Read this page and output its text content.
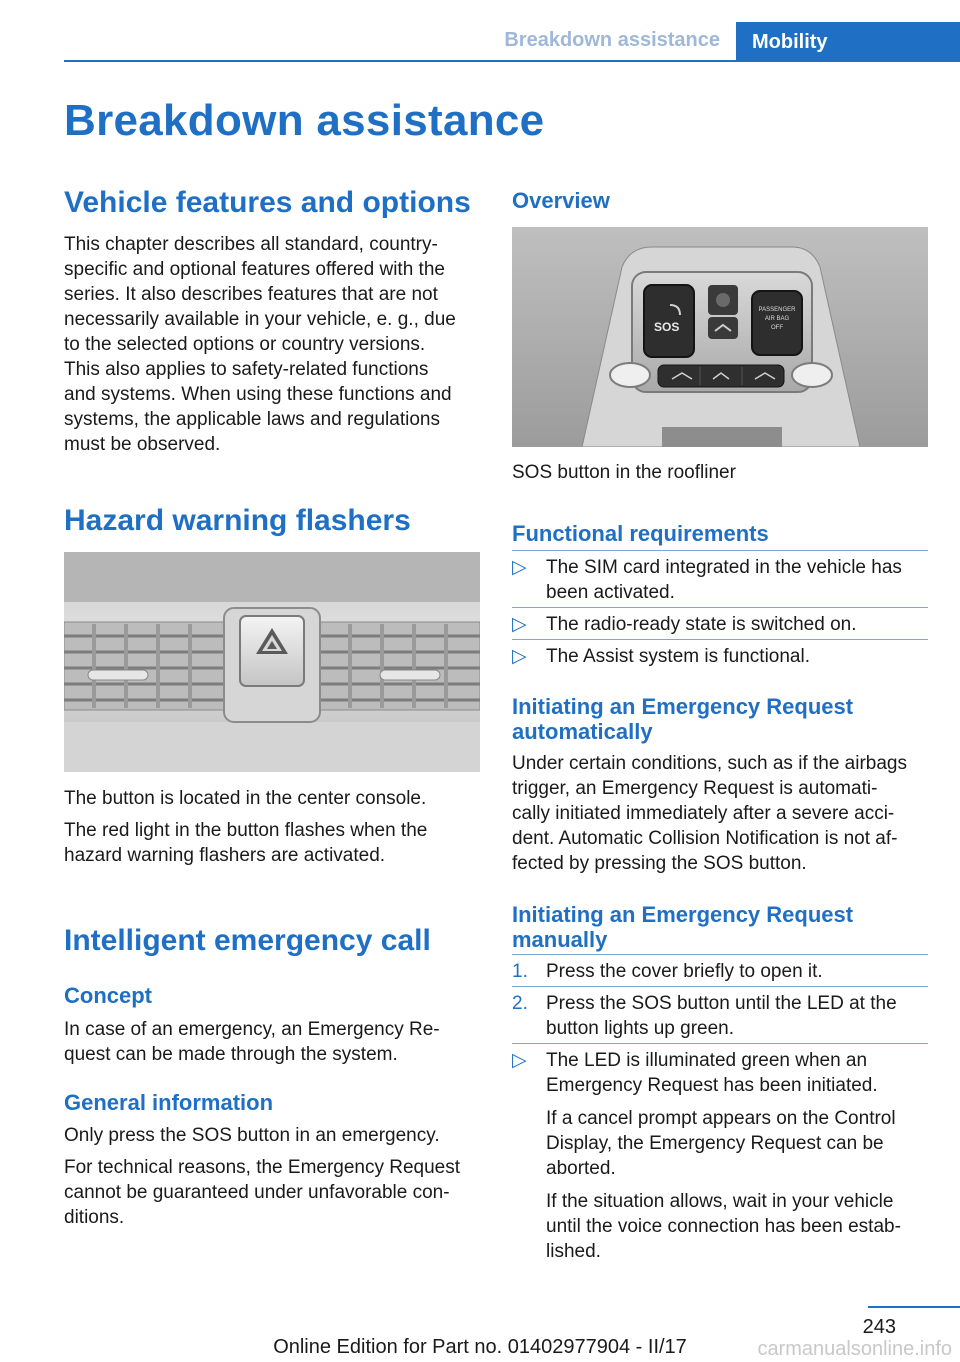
Breakdown assistance Mobility
Breakdown assistance
Vehicle features and options
This chapter describes all standard, country-
specific and optional features offered with the
series. It also describes features that are not
necessarily available in your vehicle, e. g., due
to the selected options or country versions.
This also applies to safety-related functions
and systems. When using these functions and
systems, the applicable laws and regulations
must be observed.
Hazard warning flashers
The button is located in the center console.
The red light in the button flashes when the
hazard warning flashers are activated.
Intelligent emergency call
Concept
In case of an emergency, an Emergency Re-
quest can be made through the system.
General information
Only press the SOS button in an emergency.
For technical reasons, the Emergency Request
cannot be guaranteed under unfavorable con-
ditions.
Overview
SOS
PASSENGER
AIR BAG
OFF
SOS button in the roofliner
Functional requirements
▷	The SIM card integrated in the vehicle has
been activated.
▷	The radio-ready state is switched on.
▷	The Assist system is functional.
Initiating an Emergency Request
automatically
Under certain conditions, such as if the airbags
trigger, an Emergency Request is automati-
cally initiated immediately after a severe acci-
dent. Automatic Collision Notification is not af-
fected by pressing the SOS button.
Initiating an Emergency Request
manually
1. Press the cover briefly to open it.
2. Press the SOS button until the LED at the
button lights up green.
▷	The LED is illuminated green when an
Emergency Request has been initiated.
If a cancel prompt appears on the Control
Display, the Emergency Request can be
aborted.
If the situation allows, wait in your vehicle
until the voice connection has been estab-
lished.
243
Online Edition for Part no. 01402977904 - II/17	carmanualsonline.info
